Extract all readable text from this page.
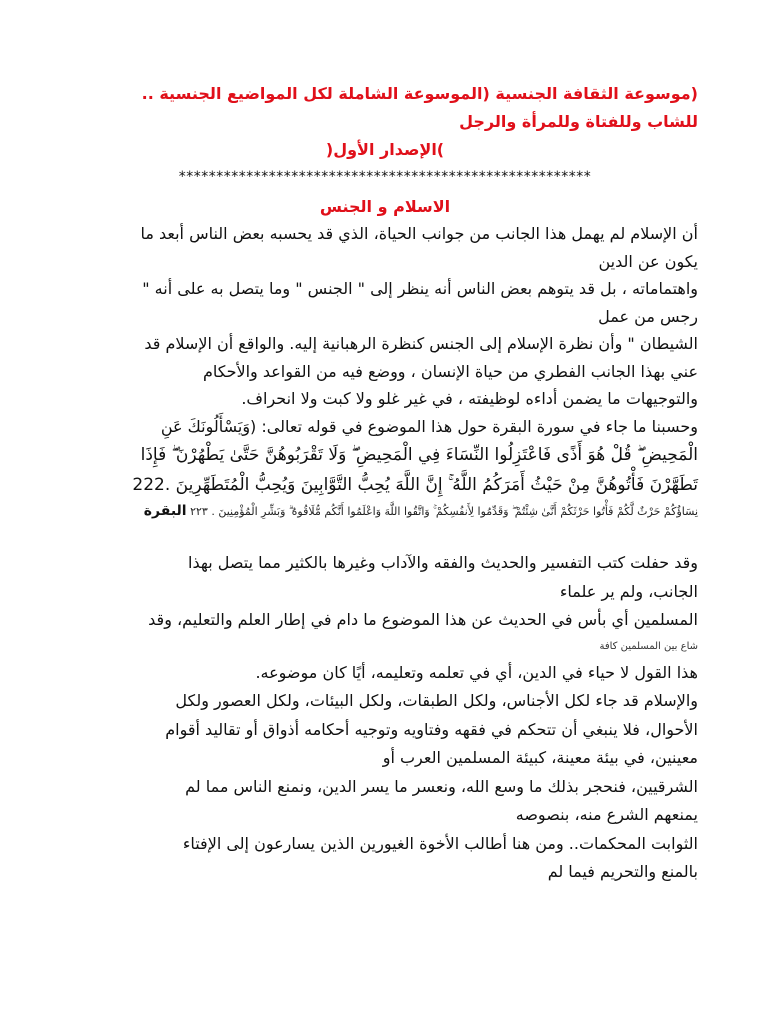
(موسوعة الثقافة الجنسية (الموسوعة الشاملة لكل المواضيع الجنسية ..

للشاب وللفتاة وللمرأة والرجل

)الإصدار الأول(

*******************************************************

الاسلام و الجنس

أن الإسلام لم يهمل هذا الجانب من جوانب الحياة، الذي قد يحسبه بعض الناس أبعد ما

يكون عن الدين

واهتماماته ، بل قد يتوهم بعض الناس أنه ينظر إلى " الجنس " وما يتصل به على أنه "

رجس من عمل

الشيطان " وأن نظرة الإسلام إلى الجنس كنظرة الرهبانية إليه. والواقع أن الإسلام قد

عني بهذا الجانب الفطري من حياة الإنسان ، ووضع فيه من القواعد والأحكام

والتوجيهات ما يضمن أداءه لوظيفته ، في غير غلو ولا كبت ولا انحراف.

وحسبنا ما جاء في سورة البقرة حول هذا الموضوع في قوله تعالى: (وَيَسْأَلُونَكَ عَنِ

الْمَحِيضِ ۖ قُلْ هُوَ أَذًى فَاعْتَزِلُوا النِّسَاءَ فِي الْمَحِيضِ ۖ وَلَا تَقْرَبُوهُنَّ حَتَّىٰ يَطْهُرْنَ ۖ فَإِذَا

تَطَهَّرْنَ فَأْتُوهُنَّ مِنْ حَيْثُ أَمَرَكُمُ اللَّهُ ۚ إِنَّ اللَّهَ يُحِبُّ التَّوَّابِينَ وَيُحِبُّ الْمُتَطَهِّرِينَ .222

نِسَاؤُكُمْ حَرْثٌ لَّكُمْ فَأْتُوا حَرْثَكُمْ أَنَّىٰ شِئْتُمْ ۖ وَقَدِّمُوا لِأَنفُسِكُمْ ۚ وَاتَّقُوا اللَّهَ وَاعْلَمُوا أَنَّكُم مُّلَاقُوهُ ۗ وَبَشِّرِ الْمُؤْمِنِينَ . ٢٢٣ البقرة

وقد حفلت كتب التفسير والحديث والفقه والآداب وغيرها بالكثير مما يتصل بهذا

الجانب، ولم ير علماء

المسلمين أي بأس في الحديث عن هذا الموضوع ما دام في إطار العلم والتعليم، وقد

شاع بين المسلمين كافة

هذا القول لا حياء في الدين، أي في تعلمه وتعليمه، أيًا كان موضوعه.

والإسلام قد جاء لكل الأجناس، ولكل الطبقات، ولكل البيئات، ولكل العصور ولكل

الأحوال، فلا ينبغي أن تتحكم في فقهه وفتاويه وتوجيه أحكامه أذواق أو تقاليد أقوام

معينين، في بيئة معينة، كبيئة المسلمين العرب أو

الشرقيين، فنحجر بذلك ما وسع الله، ونعسر ما يسر الدين، ونمنع الناس مما لم

يمنعهم الشرع منه، بنصوصه

الثوابت المحكمات.. ومن هنا أطالب الأخوة الغيورين الذين يسارعون إلى الإفتاء

بالمنع والتحريم فيما لم
